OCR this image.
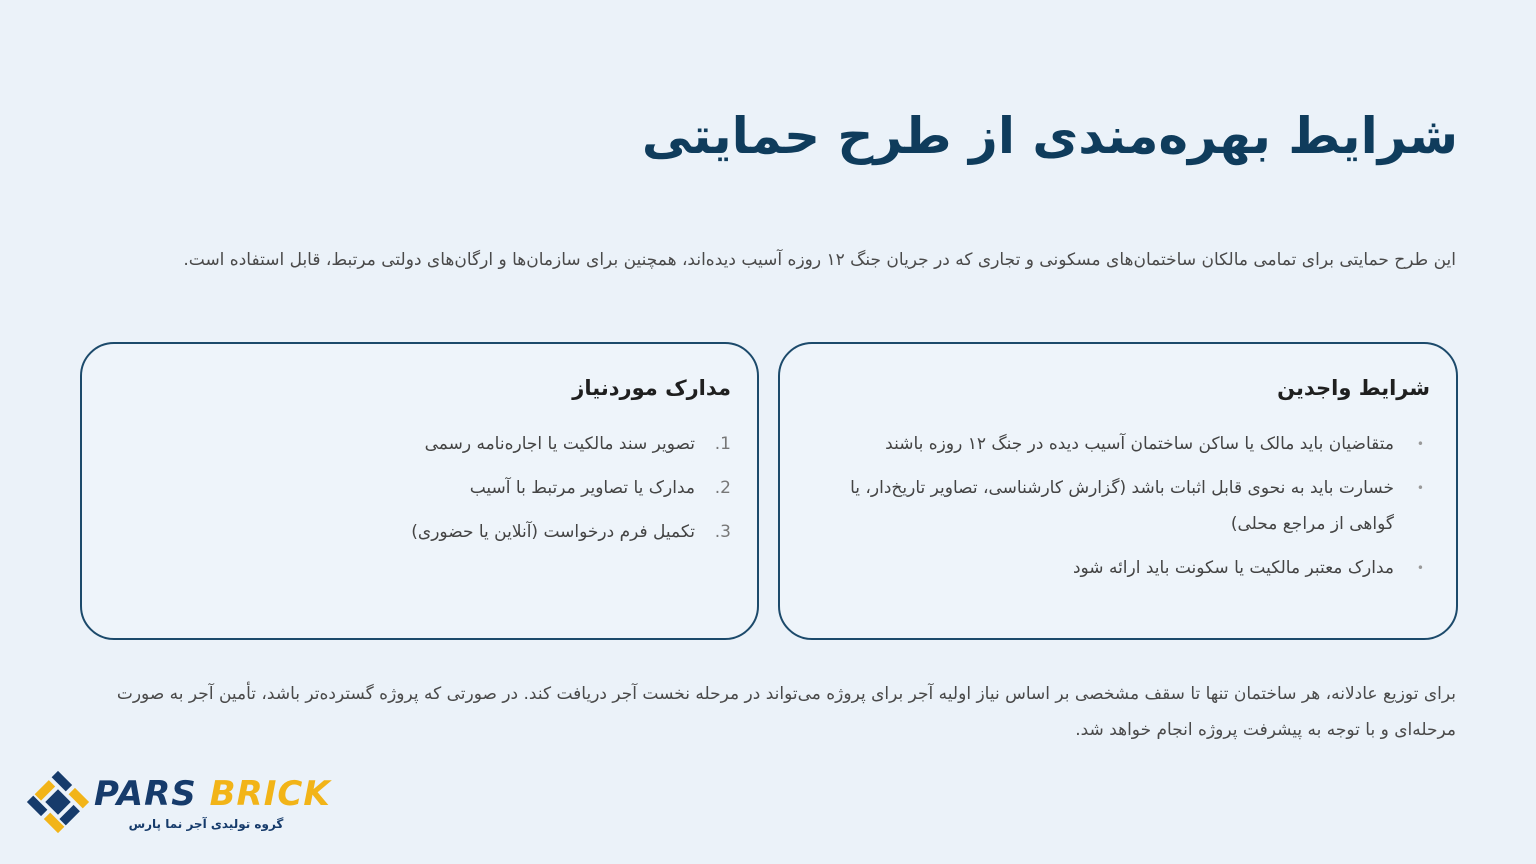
شرایط بهره‌مندی از طرح حمایتی

این طرح حمایتی برای تمامی مالکان ساختمان‌های مسکونی و تجاری که در جریان جنگ ۱۲ روزه آسیب دیده‌اند، همچنین برای سازمان‌ها و ارگان‌های دولتی مرتبط، قابل استفاده است.

شرایط واجدین
• متقاضیان باید مالک یا ساکن ساختمان آسیب دیده در جنگ ۱۲ روزه باشند
• خسارت باید به نحوی قابل اثبات باشد (گزارش کارشناسی، تصاویر تاریخ‌دار، یا گواهی از مراجع محلی)
• مدارک معتبر مالکیت یا سکونت باید ارائه شود
مدارک موردنیاز
1.
تصویر سند مالکیت یا اجاره‌نامه رسمی
2.
مدارک یا تصاویر مرتبط با آسیب
3.
تکمیل فرم درخواست (آنلاین یا حضوری)

برای توزیع عادلانه، هر ساختمان تنها تا سقف مشخصی بر اساس نیاز اولیه آجر برای پروژه می‌تواند در مرحله نخست آجر دریافت کند. در صورتی که پروژه گسترده‌تر باشد، تأمین آجر به صورت مرحله‌ای و با توجه به پیشرفت پروژه انجام خواهد شد.

PARS BRICK
گروه تولیدی آجر نما پارس
